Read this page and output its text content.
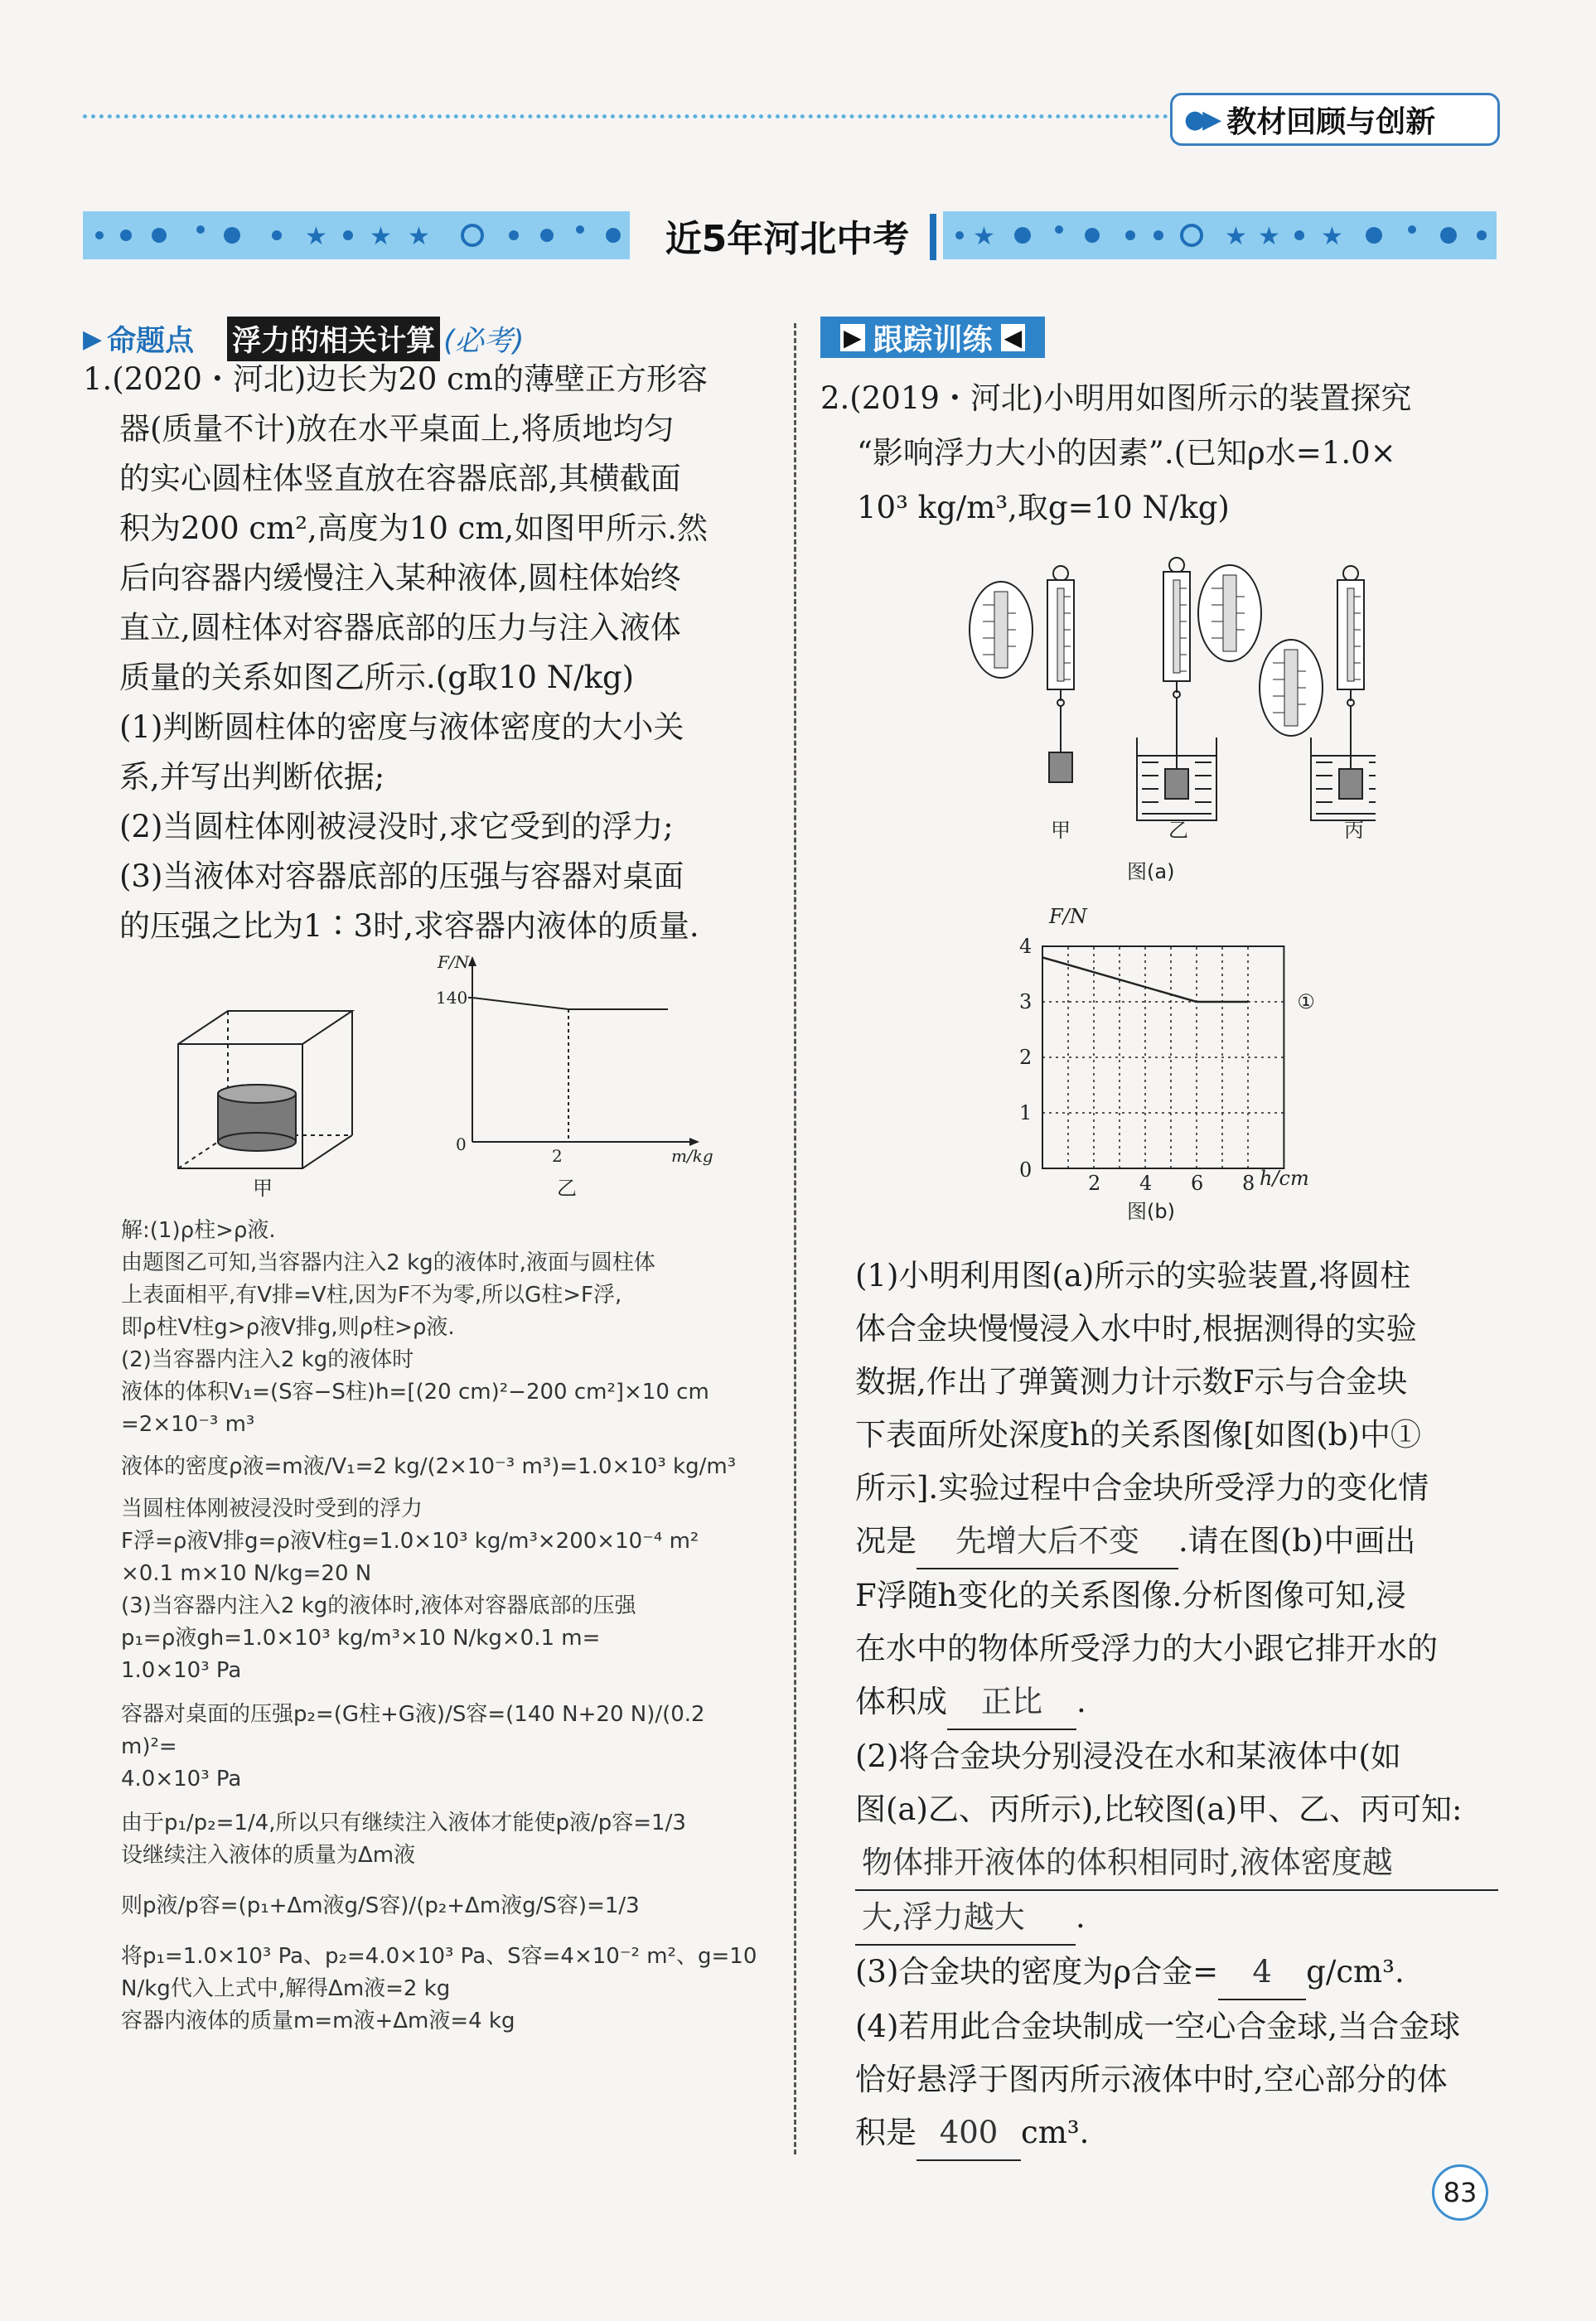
●▶ 教材回顾与创新
★ ★ ★	近5年河北中考	★	★ ★ ★
▶ 命题点 浮力的相关计算 (必考)	▶ 跟踪训练 ◀
1.(2020・河北)边长为20 cm的薄壁正方形容
器(质量不计)放在水平桌面上,将质地均匀
的实心圆柱体竖直放在容器底部,其横截面
积为200 cm²,高度为10 cm,如图甲所示.然
后向容器内缓慢注入某种液体,圆柱体始终
直立,圆柱体对容器底部的压力与注入液体
质量的关系如图乙所示.(g取10 N/kg)
(1)判断圆柱体的密度与液体密度的大小关
系,并写出判断依据;
(2)当圆柱体刚被浸没时,求它受到的浮力;
(3)当液体对容器底部的压强与容器对桌面
的压强之比为1∶3时,求容器内液体的质量.
甲
F/N
m/kg
0
140
2
乙
解:(1)ρ柱>ρ液.
由题图乙可知,当容器内注入2 kg的液体时,液面与圆柱体
上表面相平,有V排=V柱,因为F不为零,所以G柱>F浮,
即ρ柱V柱g>ρ液V排g,则ρ柱>ρ液.
(2)当容器内注入2 kg的液体时
液体的体积V₁=(S容−S柱)h=[(20 cm)²−200 cm²]×10 cm
=2×10⁻³ m³
液体的密度ρ液=m液/V₁=2 kg/(2×10⁻³ m³)=1.0×10³ kg/m³
当圆柱体刚被浸没时受到的浮力
F浮=ρ液V排g=ρ液V柱g=1.0×10³ kg/m³×200×10⁻⁴ m²
×0.1 m×10 N/kg=20 N
(3)当容器内注入2 kg的液体时,液体对容器底部的压强
p₁=ρ液gh=1.0×10³ kg/m³×10 N/kg×0.1 m=
1.0×10³ Pa
容器对桌面的压强p₂=(G柱+G液)/S容=(140 N+20 N)/(0.2 m)²=
4.0×10³ Pa
由于p₁/p₂=1/4,所以只有继续注入液体才能使p液/p容=1/3
设继续注入液体的质量为Δm液
则p液/p容=(p₁+Δm液g/S容)/(p₂+Δm液g/S容)=1/3
将p₁=1.0×10³ Pa、p₂=4.0×10³ Pa、S容=4×10⁻² m²、g=10
N/kg代入上式中,解得Δm液=2 kg
容器内液体的质量m=m液+Δm液=4 kg
2.(2019・河北)小明用如图所示的装置探究
“影响浮力大小的因素”.(已知ρ水=1.0×
10³ kg/m³,取g=10 N/kg)
甲	乙	丙
图(a)
F/N
h/cm
0
4
3
2
1
2 4 6 8
①
图(b)
(1)小明利用图(a)所示的实验装置,将圆柱
体合金块慢慢浸入水中时,根据测得的实验
数据,作出了弹簧测力计示数F示与合金块
下表面所处深度h的关系图像[如图(b)中①
所示].实验过程中合金块所受浮力的变化情
况是 先增大后不变 .请在图(b)中画出
F浮随h变化的关系图像.分析图像可知,浸
在水中的物体所受浮力的大小跟它排开水的
体积成 正比 .
(2)将合金块分别浸没在水和某液体中(如
图(a)乙、丙所示),比较图(a)甲、乙、丙可知:
物体排开液体的体积相同时,液体密度越
大,浮力越大 .
(3)合金块的密度为ρ合金= 4 g/cm³.
(4)若用此合金块制成一空心合金球,当合金球
恰好悬浮于图丙所示液体中时,空心部分的体
积是 400 cm³.
83
